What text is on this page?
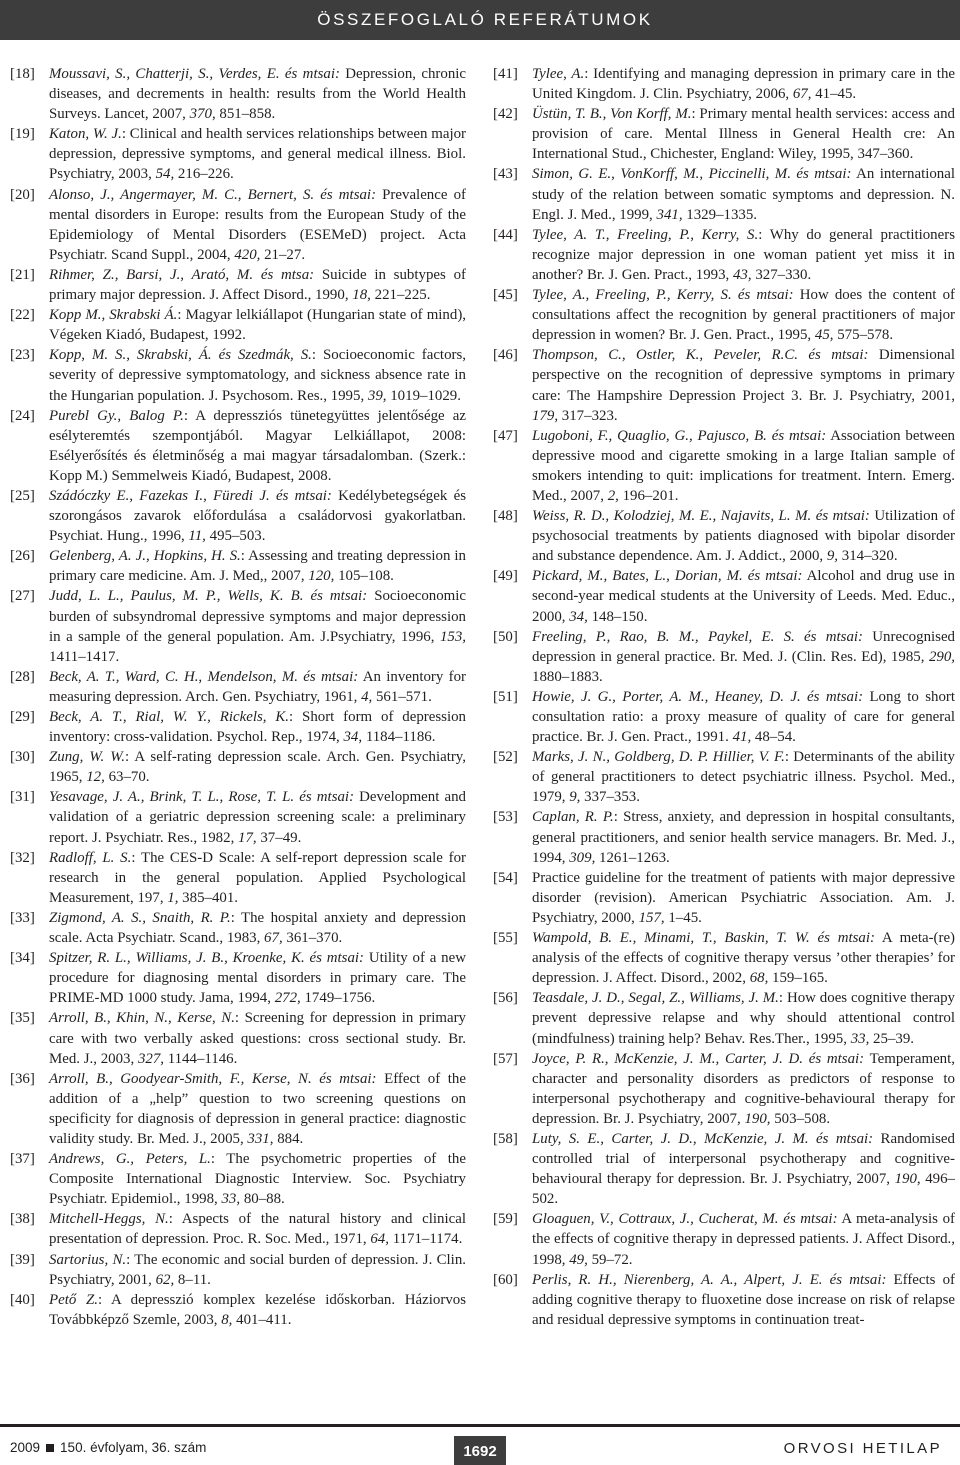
ÖSSZEFOGLALÓ REFERÁTUMOK
[18] Moussavi, S., Chatterji, S., Verdes, E. és mtsai: Depression, chronic diseases, and decrements in health: results from the World Health Surveys. Lancet, 2007, 370, 851–858.
[19] Katon, W. J.: Clinical and health services relationships between major depression, depressive symptoms, and general medical illness. Biol. Psychiatry, 2003, 54, 216–226.
[20] Alonso, J., Angermayer, M. C., Bernert, S. és mtsai: Prevalence of mental disorders in Europe: results from the European Study of the Epidemiology of Mental Disorders (ESEMeD) project. Acta Psychiatr. Scand Suppl., 2004, 420, 21–27.
[21] Rihmer, Z., Barsi, J., Arató, M. és mtsa: Suicide in subtypes of primary major depression. J. Affect Disord., 1990, 18, 221–225.
[22] Kopp M., Skrabski Á.: Magyar lelkiállapot (Hungarian state of mind), Végeken Kiadó, Budapest, 1992.
[23] Kopp, M. S., Skrabski, Á. és Szedmák, S.: Socioeconomic factors, severity of depressive symptomatology, and sickness absence rate in the Hungarian population. J. Psychosom. Res., 1995, 39, 1019–1029.
[24] Purebl Gy., Balog P.: A depressziós tünetegyüttes jelentősége az esélyteremtés szempontjából. Magyar Lelkiállapot, 2008: Esélyerősítés és életminőség a mai magyar társadalomban. (Szerk.: Kopp M.) Semmelweis Kiadó, Budapest, 2008.
[25] Szádóczky E., Fazekas I., Füredi J. és mtsai: Kedélybetegségek és szorongásos zavarok előfordulása a családorvosi gyakorlatban. Psychiat. Hung., 1996, 11, 495–503.
[26] Gelenberg, A. J., Hopkins, H. S.: Assessing and treating depression in primary care medicine. Am. J. Med,, 2007, 120, 105–108.
[27] Judd, L. L., Paulus, M. P., Wells, K. B. és mtsai: Socioeconomic burden of subsyndromal depressive symptoms and major depression in a sample of the general population. Am. J.Psychiatry, 1996, 153, 1411–1417.
[28] Beck, A. T., Ward, C. H., Mendelson, M. és mtsai: An inventory for measuring depression. Arch. Gen. Psychiatry, 1961, 4, 561–571.
[29] Beck, A. T., Rial, W. Y., Rickels, K.: Short form of depression inventory: cross-validation. Psychol. Rep., 1974, 34, 1184–1186.
[30] Zung, W. W.: A self-rating depression scale. Arch. Gen. Psychiatry, 1965, 12, 63–70.
[31] Yesavage, J. A., Brink, T. L., Rose, T. L. és mtsai: Development and validation of a geriatric depression screening scale: a preliminary report. J. Psychiatr. Res., 1982, 17, 37–49.
[32] Radloff, L. S.: The CES-D Scale: A self-report depression scale for research in the general population. Applied Psychological Measurement, 197, 1, 385–401.
[33] Zigmond, A. S., Snaith, R. P.: The hospital anxiety and depression scale. Acta Psychiatr. Scand., 1983, 67, 361–370.
[34] Spitzer, R. L., Williams, J. B., Kroenke, K. és mtsai: Utility of a new procedure for diagnosing mental disorders in primary care. The PRIME-MD 1000 study. Jama, 1994, 272, 1749–1756.
[35] Arroll, B., Khin, N., Kerse, N.: Screening for depression in primary care with two verbally asked questions: cross sectional study. Br. Med. J., 2003, 327, 1144–1146.
[36] Arroll, B., Goodyear-Smith, F., Kerse, N. és mtsai: Effect of the addition of a „help” question to two screening questions on specificity for diagnosis of depression in general practice: diagnostic validity study. Br. Med. J., 2005, 331, 884.
[37] Andrews, G., Peters, L.: The psychometric properties of the Composite International Diagnostic Interview. Soc. Psychiatry Psychiatr. Epidemiol., 1998, 33, 80–88.
[38] Mitchell-Heggs, N.: Aspects of the natural history and clinical presentation of depression. Proc. R. Soc. Med., 1971, 64, 1171–1174.
[39] Sartorius, N.: The economic and social burden of depression. J. Clin. Psychiatry, 2001, 62, 8–11.
[40] Pető Z.: A depresszió komplex kezelése időskorban. Háziorvos Továbbképző Szemle, 2003, 8, 401–411.
[41] Tylee, A.: Identifying and managing depression in primary care in the United Kingdom. J. Clin. Psychiatry, 2006, 67, 41–45.
[42] Üstün, T. B., Von Korff, M.: Primary mental health services: access and provision of care. Mental Illness in General Health cre: An International Stud., Chichester, England: Wiley, 1995, 347–360.
[43] Simon, G. E., VonKorff, M., Piccinelli, M. és mtsai: An international study of the relation between somatic symptoms and depression. N. Engl. J. Med., 1999, 341, 1329–1335.
[44] Tylee, A. T., Freeling, P., Kerry, S.: Why do general practitioners recognize major depression in one woman patient yet miss it in another? Br. J. Gen. Pract., 1993, 43, 327–330.
[45] Tylee, A., Freeling, P., Kerry, S. és mtsai: How does the content of consultations affect the recognition by general practitioners of major depression in women? Br. J. Gen. Pract., 1995, 45, 575–578.
[46] Thompson, C., Ostler, K., Peveler, R.C. és mtsai: Dimensional perspective on the recognition of depressive symptoms in primary care: The Hampshire Depression Project 3. Br. J. Psychiatry, 2001, 179, 317–323.
[47] Lugoboni, F., Quaglio, G., Pajusco, B. és mtsai: Association between depressive mood and cigarette smoking in a large Italian sample of smokers intending to quit: implications for treatment. Intern. Emerg. Med., 2007, 2, 196–201.
[48] Weiss, R. D., Kolodziej, M. E., Najavits, L. M. és mtsai: Utilization of psychosocial treatments by patients diagnosed with bipolar disorder and substance dependence. Am. J. Addict., 2000, 9, 314–320.
[49] Pickard, M., Bates, L., Dorian, M. és mtsai: Alcohol and drug use in second-year medical students at the University of Leeds. Med. Educ., 2000, 34, 148–150.
[50] Freeling, P., Rao, B. M., Paykel, E. S. és mtsai: Unrecognised depression in general practice. Br. Med. J. (Clin. Res. Ed), 1985, 290, 1880–1883.
[51] Howie, J. G., Porter, A. M., Heaney, D. J. és mtsai: Long to short consultation ratio: a proxy measure of quality of care for general practice. Br. J. Gen. Pract., 1991. 41, 48–54.
[52] Marks, J. N., Goldberg, D. P. Hillier, V. F.: Determinants of the ability of general practitioners to detect psychiatric illness. Psychol. Med., 1979, 9, 337–353.
[53] Caplan, R. P.: Stress, anxiety, and depression in hospital consultants, general practitioners, and senior health service managers. Br. Med. J., 1994, 309, 1261–1263.
[54] Practice guideline for the treatment of patients with major depressive disorder (revision). American Psychiatric Association. Am. J. Psychiatry, 2000, 157, 1–45.
[55] Wampold, B. E., Minami, T., Baskin, T. W. és mtsai: A meta-(re) analysis of the effects of cognitive therapy versus ’other therapies’ for depression. J. Affect. Disord., 2002, 68, 159–165.
[56] Teasdale, J. D., Segal, Z., Williams, J. M.: How does cognitive therapy prevent depressive relapse and why should attentional control (mindfulness) training help? Behav. Res.Ther., 1995, 33, 25–39.
[57] Joyce, P. R., McKenzie, J. M., Carter, J. D. és mtsai: Temperament, character and personality disorders as predictors of response to interpersonal psychotherapy and cognitive-behavioural therapy for depression. Br. J. Psychiatry, 2007, 190, 503–508.
[58] Luty, S. E., Carter, J. D., McKenzie, J. M. és mtsai: Randomised controlled trial of interpersonal psychotherapy and cognitive-behavioural therapy for depression. Br. J. Psychiatry, 2007, 190, 496–502.
[59] Gloaguen, V., Cottraux, J., Cucherat, M. és mtsai: A meta-analysis of the effects of cognitive therapy in depressed patients. J. Affect Disord., 1998, 49, 59–72.
[60] Perlis, R. H., Nierenberg, A. A., Alpert, J. E. és mtsai: Effects of adding cognitive therapy to fluoxetine dose increase on risk of relapse and residual depressive symptoms in continuation treat-
2009 150. évfolyam, 36. szám	1692	ORVOSI HETILAP
